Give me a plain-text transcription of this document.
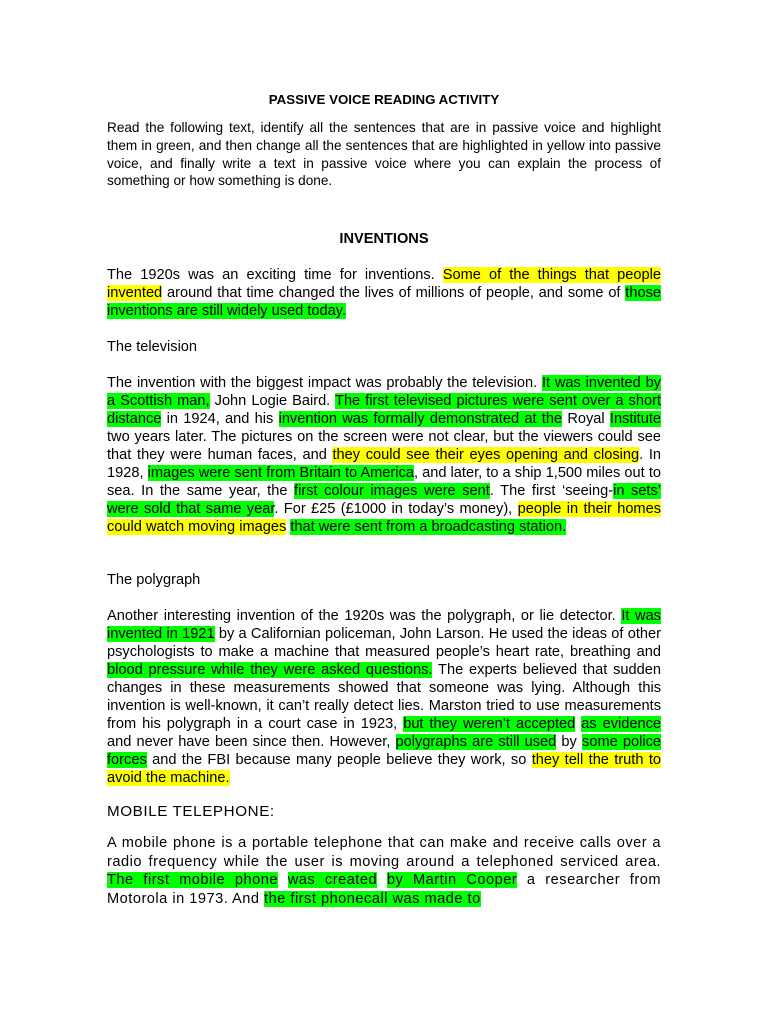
PASSIVE VOICE READING ACTIVITY
Read the following text, identify all the sentences that are in passive voice and highlight them in green, and then change all the sentences that are highlighted in yellow into passive voice, and finally write a text in passive voice where you can explain the process of something or how something is done.
INVENTIONS

The 1920s was an exciting time for inventions. Some of the things that people invented around that time changed the lives of millions of people, and some of those inventions are still widely used today.

The television

The invention with the biggest impact was probably the television. It was invented by a Scottish man, John Logie Baird. The first televised pictures were sent over a short distance in 1924, and his invention was formally demonstrated at the Royal Institute two years later. The pictures on the screen were not clear, but the viewers could see that they were human faces, and they could see their eyes opening and closing. In 1928, images were sent from Britain to America, and later, to a ship 1,500 miles out to sea. In the same year, the first colour images were sent. The first ‘seeing-in sets’ were sold that same year. For £25 (£1000 in today’s money), people in their homes could watch moving images that were sent from a broadcasting station.

The polygraph

Another interesting invention of the 1920s was the polygraph, or lie detector. It was invented in 1921 by a Californian policeman, John Larson. He used the ideas of other psychologists to make a machine that measured people’s heart rate, breathing and blood pressure while they were asked questions. The experts believed that sudden changes in these measurements showed that someone was lying. Although this invention is well-known, it can’t really detect lies. Marston tried to use measurements from his polygraph in a court case in 1923, but they weren’t accepted as evidence and never have been since then. However, polygraphs are still used by some police forces and the FBI because many people believe they work, so they tell the truth to avoid the machine.

MOBILE TELEPHONE:

A mobile phone is a portable telephone that can make and receive calls over a radio frequency while the user is moving around a telephoned serviced area. The first mobile phone was created by Martin Cooper a researcher from Motorola in 1973. And the first phonecall was made to
